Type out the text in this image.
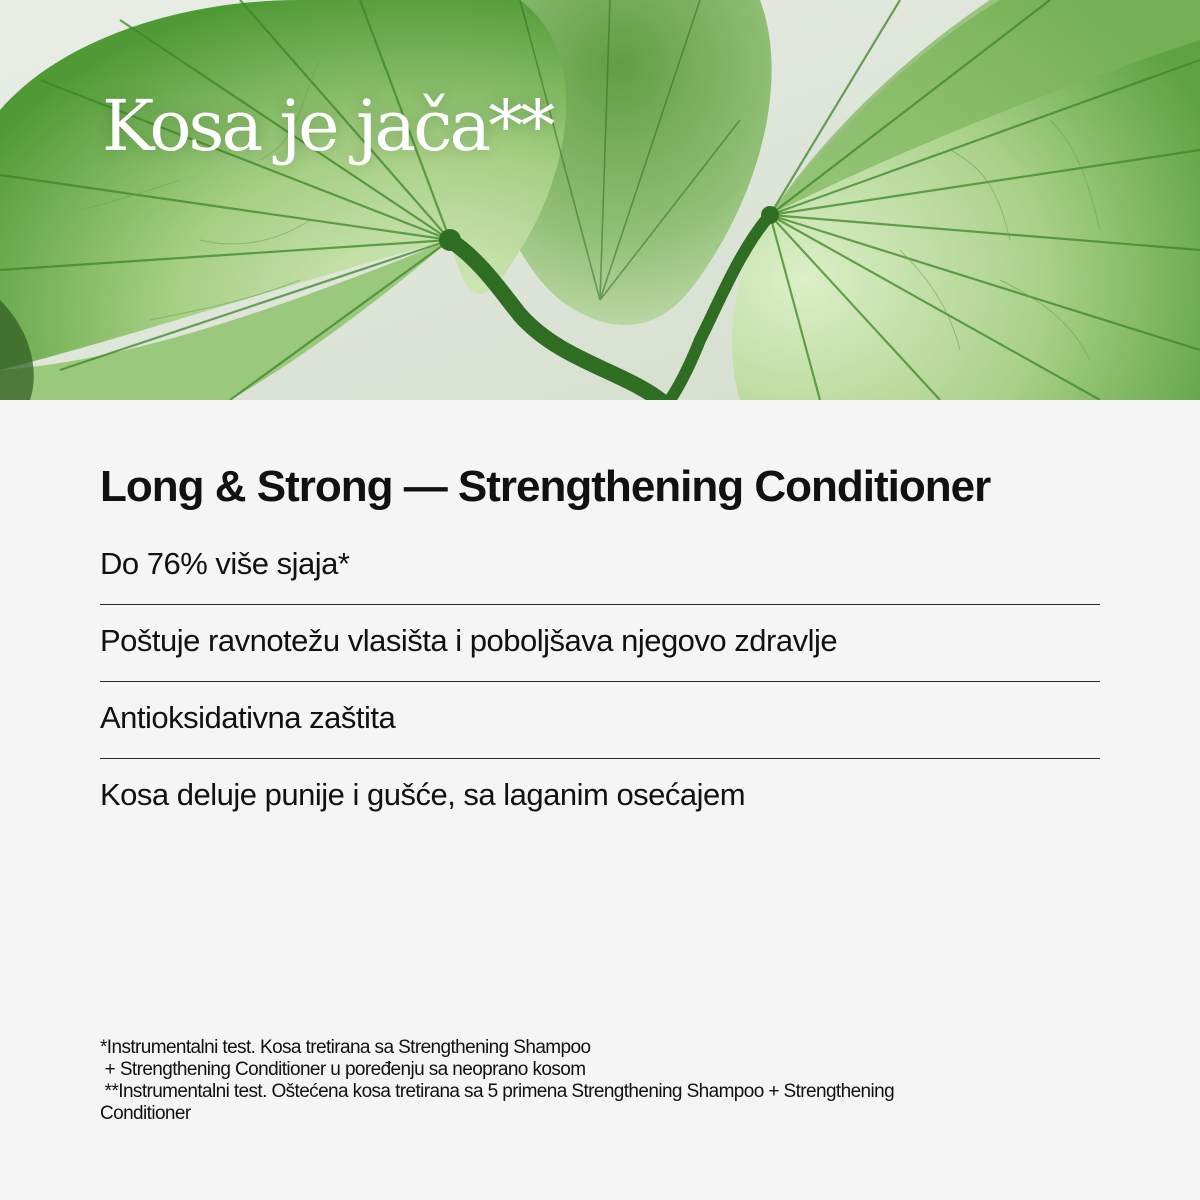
Kosa je jača**
Long & Strong — Strengthening Conditioner
Do 76% više sjaja*
Poštuje ravnotežu vlasišta i poboljšava njegovo zdravlje
Antioksidativna zaštita
Kosa deluje punije i gušće, sa laganim osećajem
*Instrumentalni test. Kosa tretirana sa Strengthening Shampoo
+ Strengthening Conditioner u poređenju sa neoprano kosom
**Instrumentalni test. Oštećena kosa tretirana sa 5 primena Strengthening Shampoo + Strengthening
Conditioner
